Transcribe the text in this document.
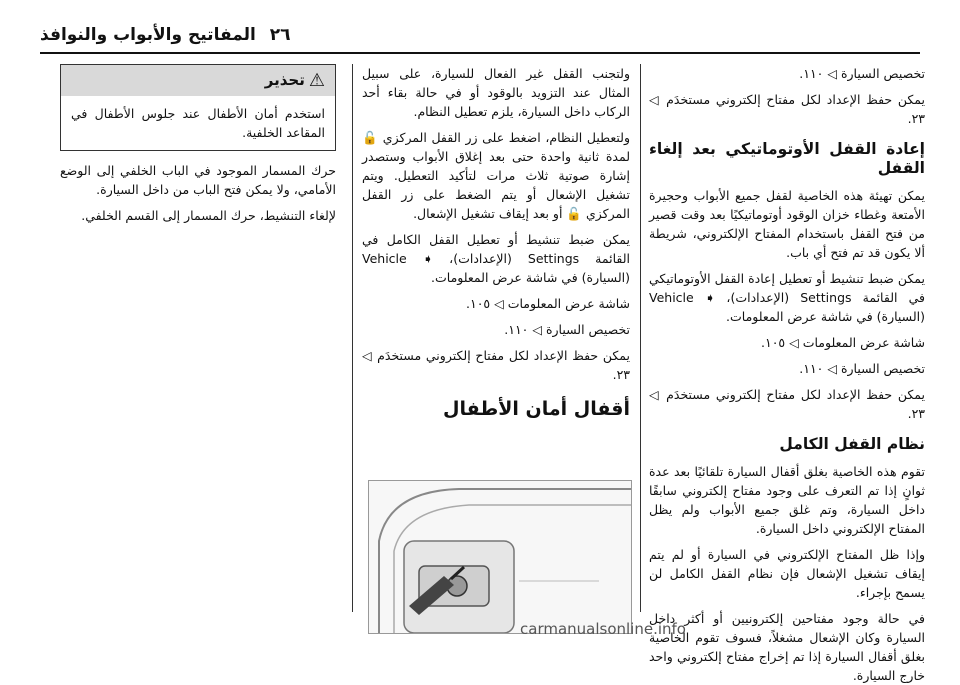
٢٦
المفاتيح والأبواب والنوافذ

تخصيص السيارة ◁ ١١٠.

يمكن حفظ الإعداد لكل مفتاح إلكتروني مستخدَم ◁ ٢٣.

إعادة القفل الأوتوماتيكي بعد إلغاء القفل

يمكن تهيئة هذه الخاصية لقفل جميع الأبواب وحجيرة الأمتعة وغطاء خزان الوقود أوتوماتيكيًا بعد وقت قصير من فتح القفل باستخدام المفتاح الإلكتروني، شريطة ألا يكون قد تم فتح أي باب.

يمكن ضبط تنشيط أو تعطيل إعادة القفل الأوتوماتيكي في القائمة Settings (الإعدادات)، ➧ Vehicle (السيارة) في شاشة عرض المعلومات.

شاشة عرض المعلومات ◁ ١٠٥.

تخصيص السيارة ◁ ١١٠.

يمكن حفظ الإعداد لكل مفتاح إلكتروني مستخدَم ◁ ٢٣.

نظام القفل الكامل

تقوم هذه الخاصية بغلق أقفال السيارة تلقائيًا بعد عدة ثوانٍ إذا تم التعرف على وجود مفتاح إلكتروني سابقًا داخل السيارة، وتم غلق جميع الأبواب ولم يظل المفتاح الإلكتروني داخل السيارة.

وإذا ظل المفتاح الإلكتروني في السيارة أو لم يتم إيقاف تشغيل الإشعال فإن نظام القفل الكامل لن يسمح بإجراء.

في حالة وجود مفتاحين إلكترونيين أو أكثر داخل السيارة وكان الإشعال مشغلاً، فسوف تقوم الخاصية بغلق أقفال السيارة إذا تم إخراج مفتاح إلكتروني واحد خارج السيارة.

ولتجنب القفل غير الفعال للسيارة، على سبيل المثال عند التزويد بالوقود أو في حالة بقاء أحد الركاب داخل السيارة، يلزم تعطيل النظام.

ولتعطيل النظام، اضغط على زر القفل المركزي 🔓 لمدة ثانية واحدة حتى بعد إغلاق الأبواب وستصدر إشارة صوتية ثلاث مرات لتأكيد التعطيل. ويتم تشغيل الإشعال أو يتم الضغط على زر القفل المركزي 🔓 أو بعد إيقاف تشغيل الإشعال.

يمكن ضبط تنشيط أو تعطيل القفل الكامل في القائمة Settings (الإعدادات)، ➧ Vehicle (السيارة) في شاشة عرض المعلومات.

شاشة عرض المعلومات ◁ ١٠٥.

تخصيص السيارة ◁ ١١٠.

يمكن حفظ الإعداد لكل مفتاح إلكتروني مستخدَم ◁ ٢٣.

أقفال أمان الأطفال
⚠
تحذير
استخدم أمان الأطفال عند جلوس الأطفال في المقاعد الخلفية.

حرك المسمار الموجود في الباب الخلفي إلى الوضع الأمامي، ولا يمكن فتح الباب من داخل السيارة.

لإلغاء التنشيط، حرك المسمار إلى القسم الخلفي.

carmanualsonline.info
